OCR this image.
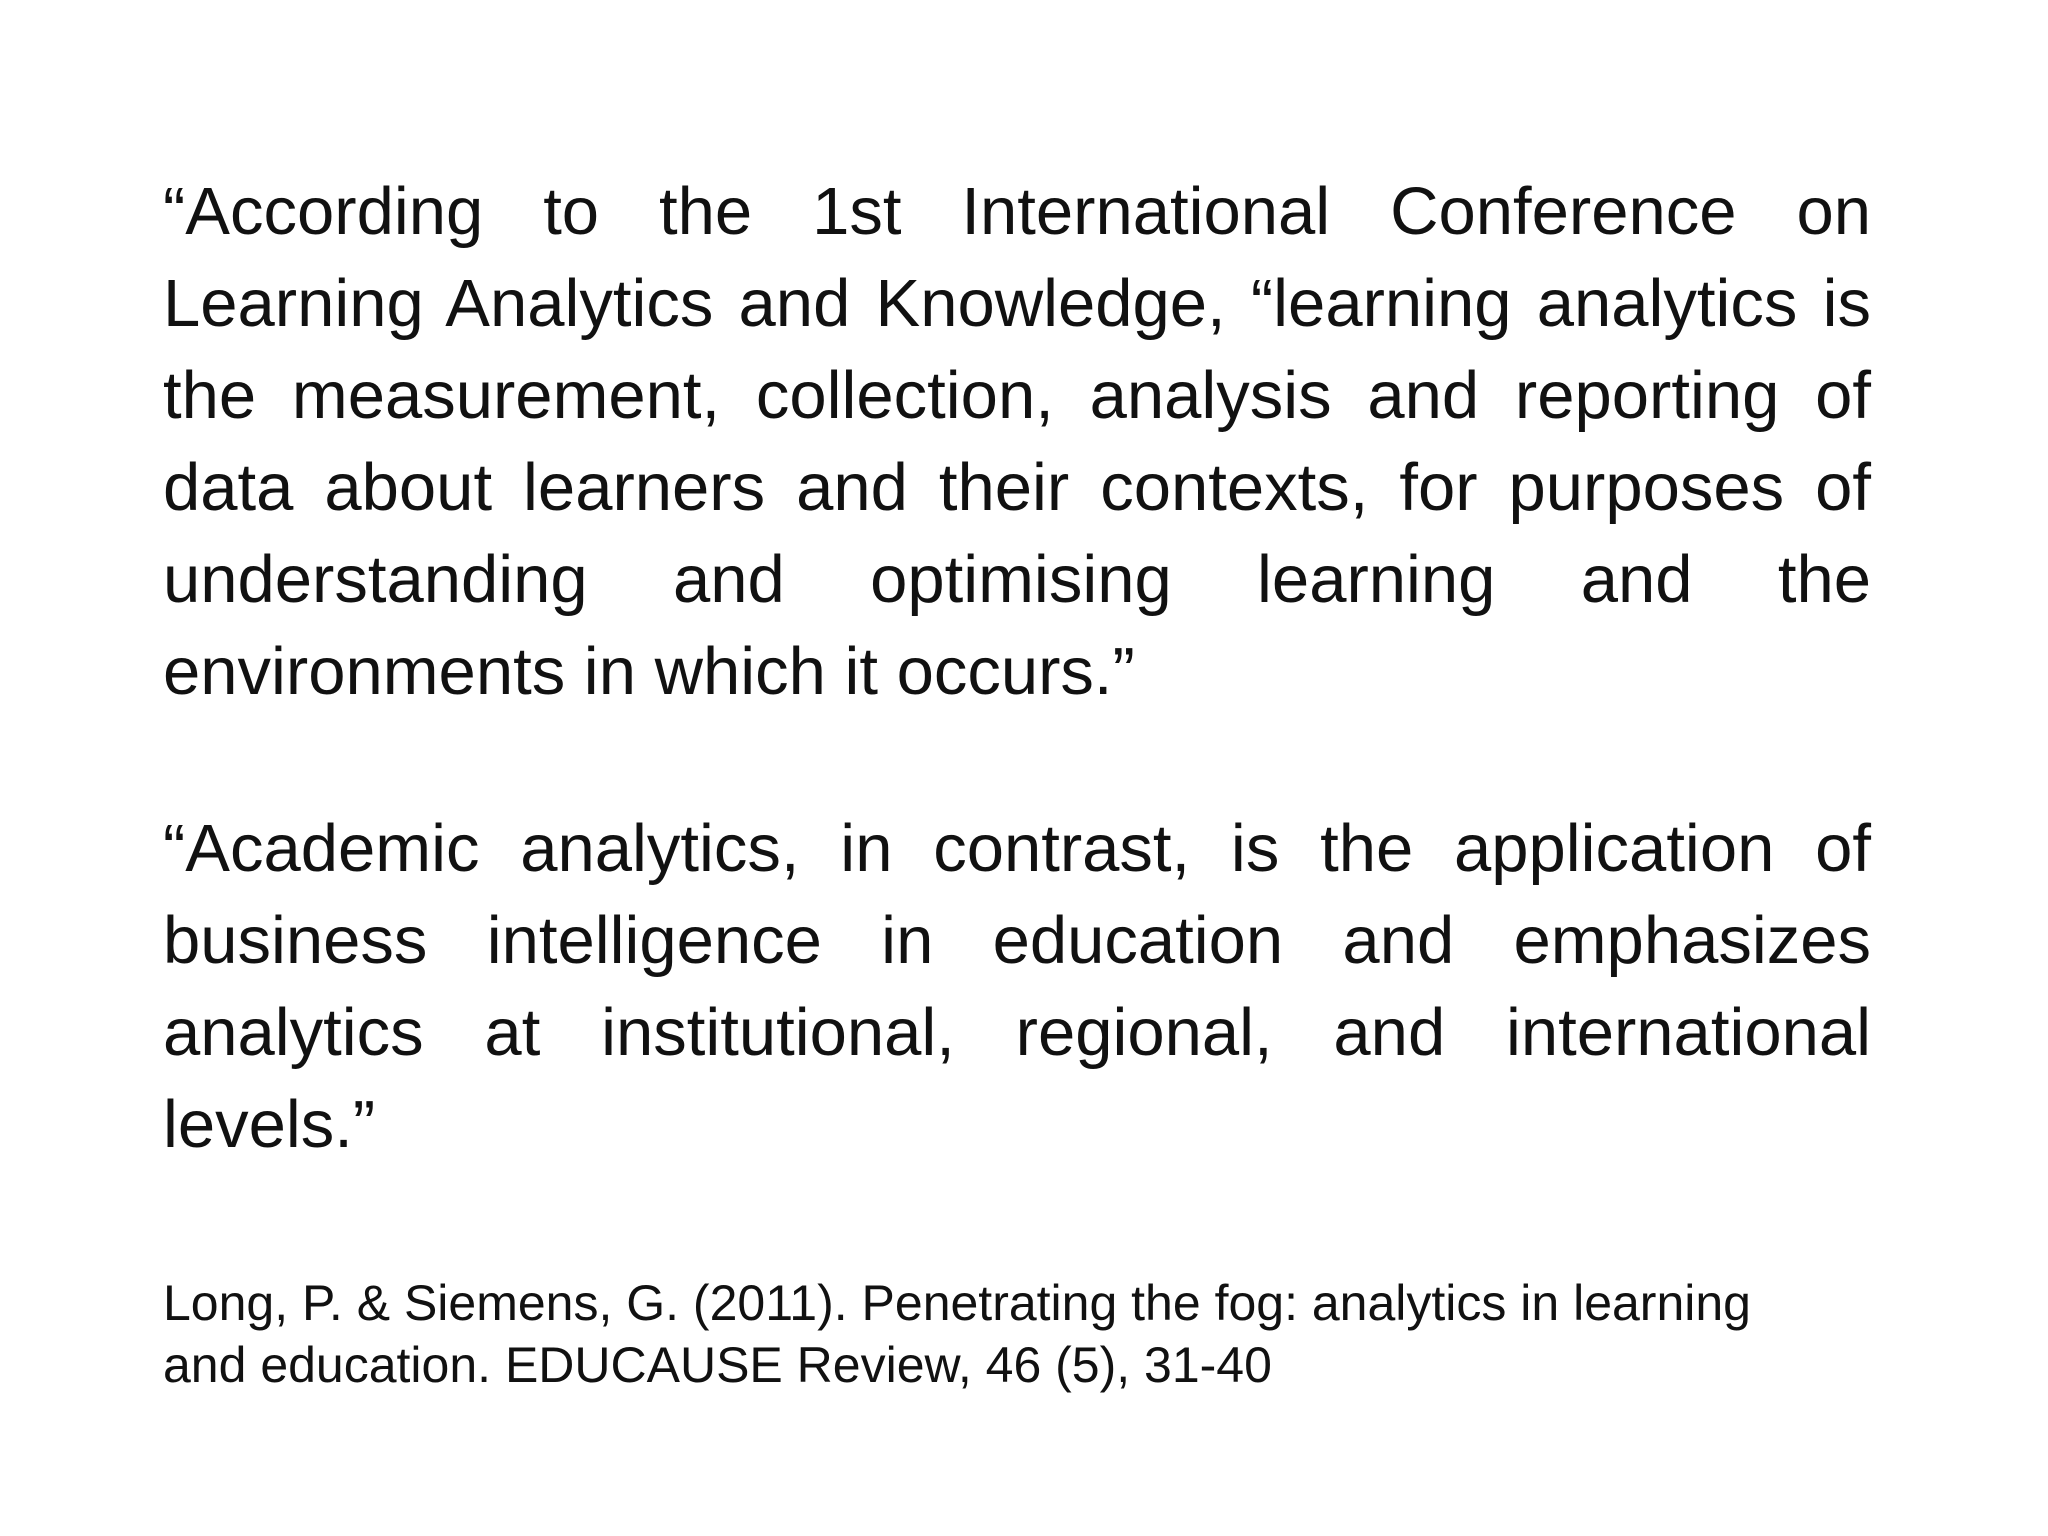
“According to the 1st International Conference on Learning Analytics and Knowledge, “learning analytics is the measurement, collection, analysis and reporting of data about learners and their contexts, for purposes of understanding and optimising learning and the environments in which it occurs.”

“Academic analytics, in contrast, is the application of business intelligence in education and emphasizes analytics at institutional, regional, and international levels.”

Long, P. & Siemens, G. (2011). Penetrating the fog: analytics in learning
and education. EDUCAUSE Review, 46 (5), 31-40
